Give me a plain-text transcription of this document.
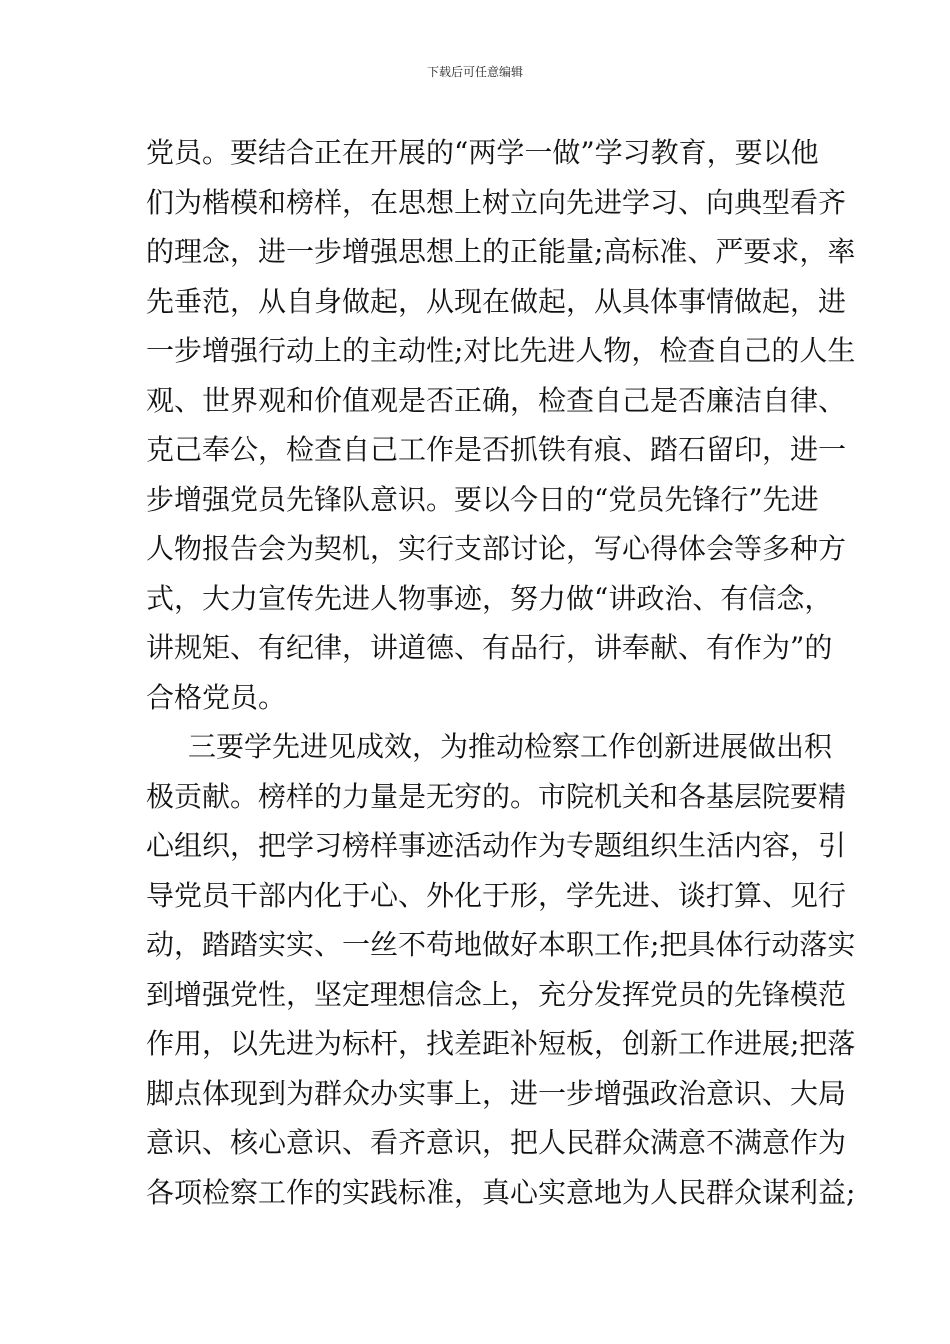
下载后可任意编辑
党员。要结合正在开展的“两学一做”学习教育，要以他
们为楷模和榜样，在思想上树立向先进学习、向典型看齐
的理念，进一步增强思想上的正能量;高标准、严要求，率
先垂范，从自身做起，从现在做起，从具体事情做起，进
一步增强行动上的主动性;对比先进人物，检查自己的人生
观、世界观和价值观是否正确，检查自己是否廉洁自律、
克己奉公，检查自己工作是否抓铁有痕、踏石留印，进一
步增强党员先锋队意识。要以今日的“党员先锋行”先进
人物报告会为契机，实行支部讨论，写心得体会等多种方
式，大力宣传先进人物事迹，努力做“讲政治、有信念，
讲规矩、有纪律，讲道德、有品行，讲奉献、有作为”的
合格党员。
三要学先进见成效，为推动检察工作创新进展做出积
极贡献。榜样的力量是无穷的。市院机关和各基层院要精
心组织，把学习榜样事迹活动作为专题组织生活内容，引
导党员干部内化于心、外化于形，学先进、谈打算、见行
动，踏踏实实、一丝不苟地做好本职工作;把具体行动落实
到增强党性，坚定理想信念上，充分发挥党员的先锋模范
作用，以先进为标杆，找差距补短板，创新工作进展;把落
脚点体现到为群众办实事上，进一步增强政治意识、大局
意识、核心意识、看齐意识，把人民群众满意不满意作为
各项检察工作的实践标准，真心实意地为人民群众谋利益;
